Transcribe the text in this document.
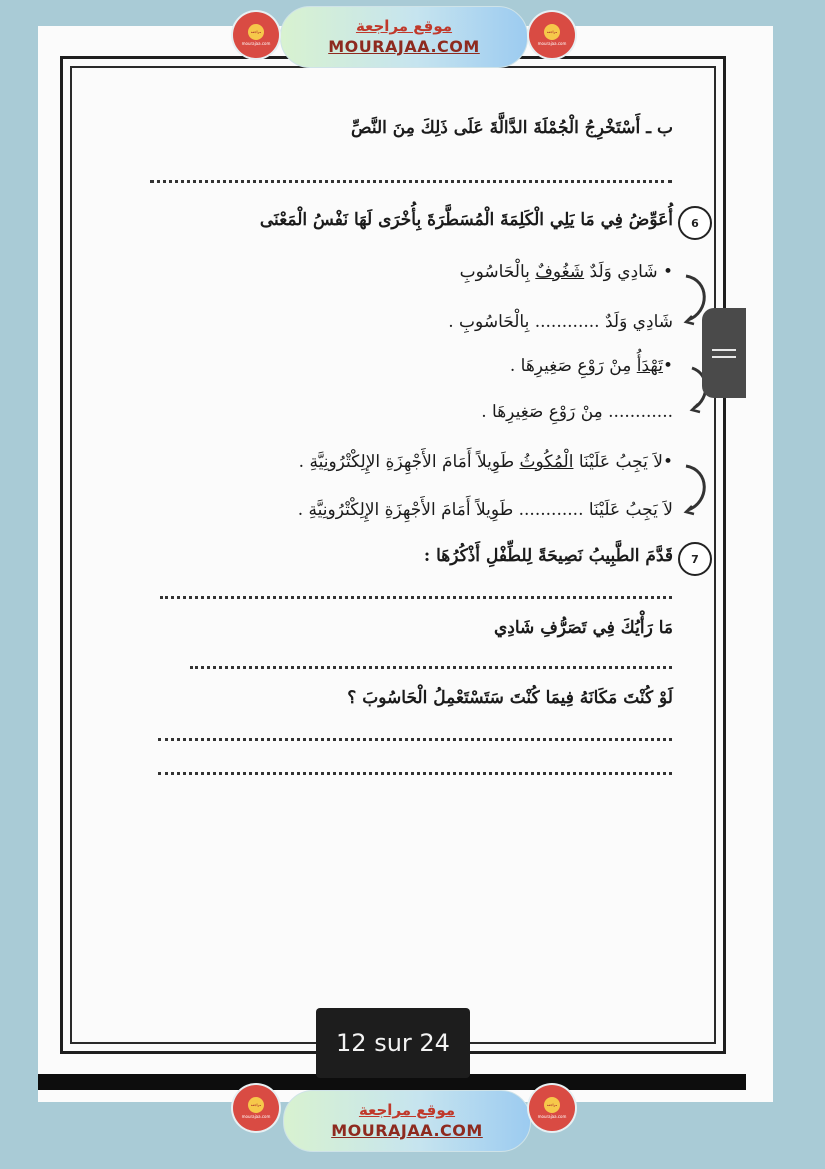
موقع مراجعة
MOURAJAA.COM
مراجعة
mourajaa.com
مراجعة
mourajaa.com
ب ـ أَسْتَخْرِجُ الْجُمْلَةَ الدَّالَّةَ عَلَى ذَلِكَ مِنَ النَّصِّ
6
أُعَوِّضُ فِي مَا يَلِي الْكَلِمَةَ الْمُسَطَّرَةَ بِأُخْرَى لَهَا نَفْسُ الْمَعْنَى
• شَادِي وَلَدٌ شَغُوفٌ بِالْحَاسُوبِ
شَادِي وَلَدٌ ............ بِالْحَاسُوبِ .
•تَهْدَأُ مِنْ رَوْعِ صَغِيرِهَا .
............ مِنْ رَوْعِ صَغِيرِهَا .
•لاَ يَجِبُ عَلَيْنَا الْمُكُوثُ طَوِيلاً أَمَامَ الأَجْهِزَةِ الإِلِكْتْرُونِيَّةِ .
لاَ يَجِبُ عَلَيْنَا ............ طَوِيلاً أَمَامَ الأَجْهِزَةِ الإِلِكْتْرُونِيَّةِ .
7
قَدَّمَ الطَّبِيبُ نَصِيحَةً لِلطِّفْلِ أَذْكُرُهَا :
مَا رَأْيُكَ فِي تَصَرُّفِ شَادِي
لَوْ كُنْتَ مَكَانَهُ فِيمَا كُنْتَ سَتَسْتَعْمِلُ الْحَاسُوبَ ؟
12 sur 24
موقع مراجعة
MOURAJAA.COM
مراجعة
mourajaa.com
مراجعة
mourajaa.com
